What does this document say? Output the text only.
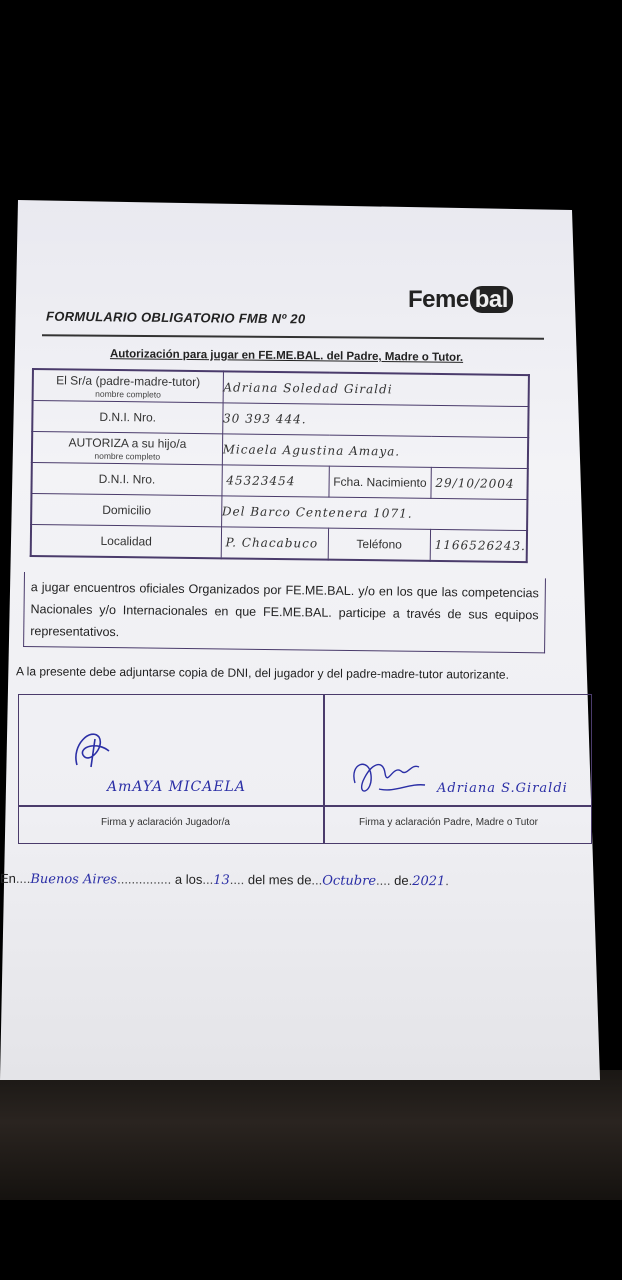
Feme bal
FORMULARIO OBLIGATORIO FMB Nº 20
Autorización para jugar en FE.ME.BAL. del Padre, Madre o Tutor.
El Sr/a (padre-madre-tutor)
nombre completo	Adriana Soledad Giraldi		
D.N.I. Nro.	30 393 444.		
AUTORIZA a su hijo/a
nombre completo	Micaela Agustina Amaya.		
D.N.I. Nro.	45323454	Fcha. Nacimiento	29/10/2004
Domicilio	Del Barco Centenera 1071.		
Localidad	P. Chacabuco	Teléfono	1166526243.
a jugar encuentros oficiales Organizados por FE.ME.BAL. y/o en los que las competencias Nacionales y/o Internacionales en que FE.ME.BAL. participe a través de sus equipos representativos.
A la presente debe adjuntarse copia de DNI, del jugador y del padre-madre-tutor autorizante.
AmAYA MICAELA	Adriana S.Giraldi
Firma y aclaración Jugador/a	Firma y aclaración Padre, Madre o Tutor
En....Buenos Aires............... a los...13.... del mes de...Octubre.... de.2021.
